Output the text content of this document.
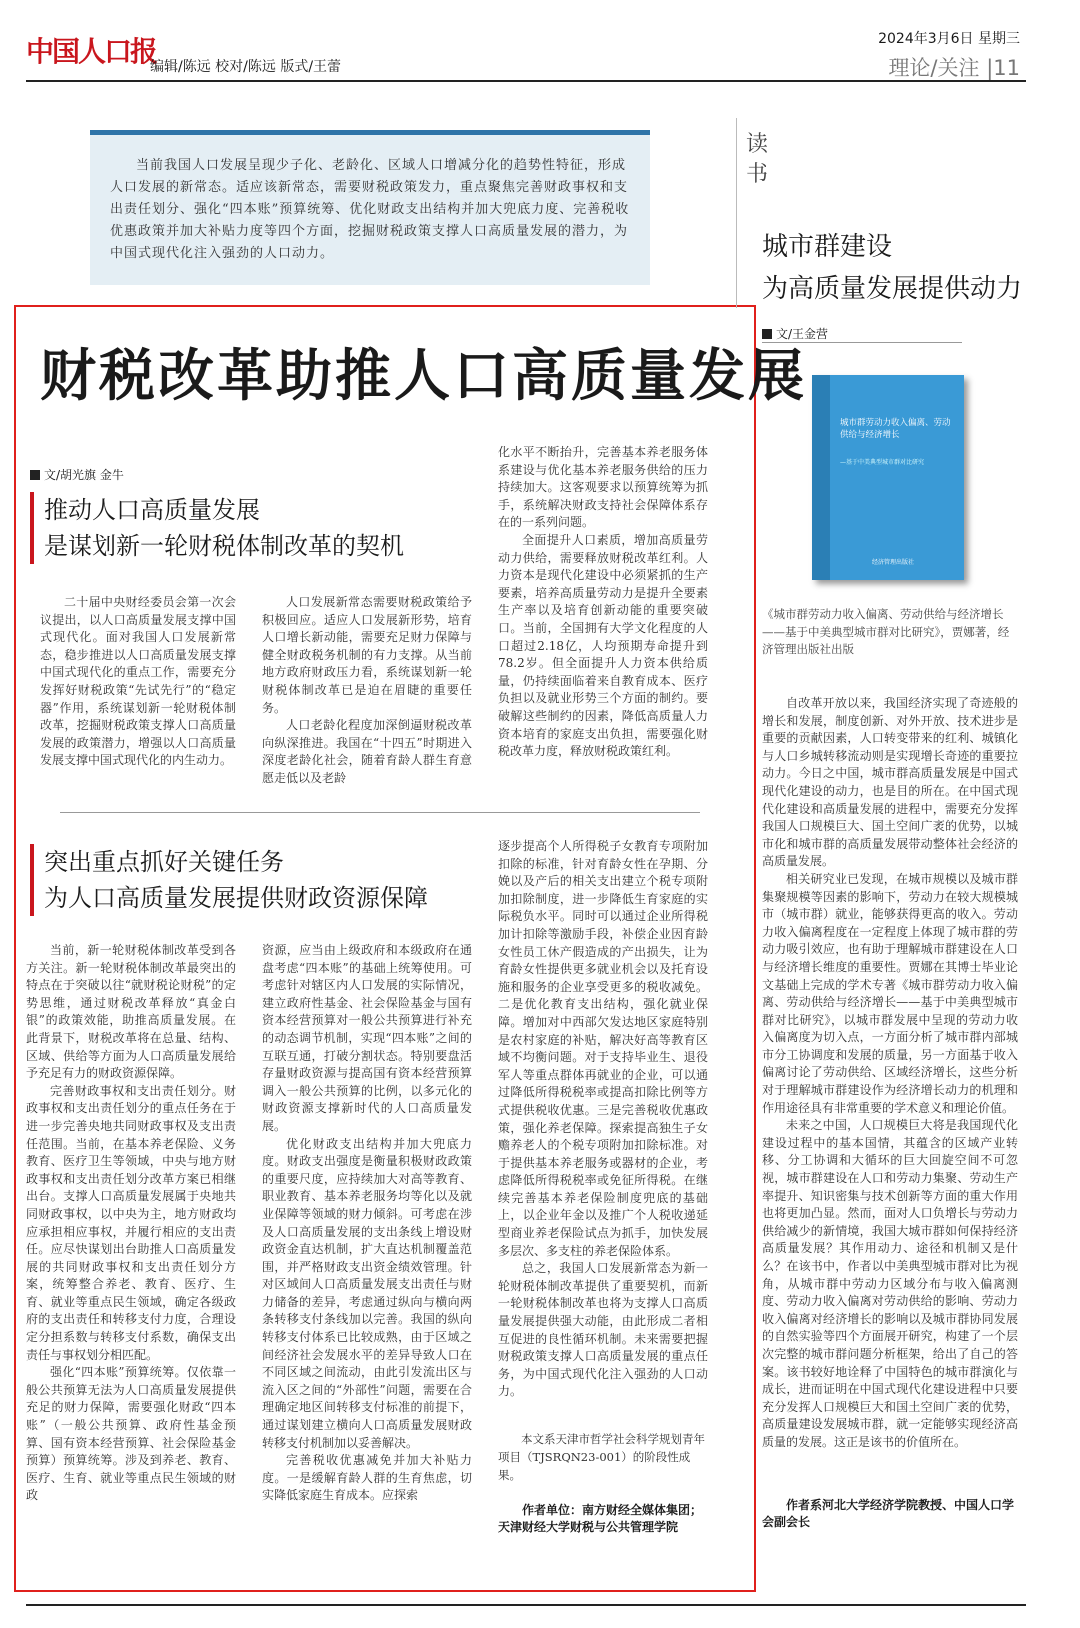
中国人口报
编辑/陈远 校对/陈远 版式/王蕾
2024年3月6日 星期三
理论/关注 |11
当前我国人口发展呈现少子化、老龄化、区域人口增减分化的趋势性特征，形成人口发展的新常态。适应该新常态，需要财税政策发力，重点聚焦完善财政事权和支出责任划分、强化“四本账”预算统筹、优化财政支出结构并加大兜底力度、完善税收优惠政策并加大补贴力度等四个方面，挖掘财税政策支撑人口高质量发展的潜力，为中国式现代化注入强劲的人口动力。
财税改革助推人口高质量发展
文/胡光旗 金牛
推动人口高质量发展
是谋划新一轮财税体制改革的契机

二十届中央财经委员会第一次会议提出，以人口高质量发展支撑中国式现代化。面对我国人口发展新常态，稳步推进以人口高质量发展支撑中国式现代化的重点工作，需要充分发挥好财税政策“先试先行”的“稳定器”作用，系统谋划新一轮财税体制改革，挖掘财税政策支撑人口高质量发展的政策潜力，增强以人口高质量发展支撑中国式现代化的内生动力。

人口发展新常态需要财税政策给予积极回应。适应人口发展新形势，培育人口增长新动能，需要充足财力保障与健全财政税务机制的有力支撑。从当前地方政府财政压力看，系统谋划新一轮财税体制改革已是迫在眉睫的重要任务。

人口老龄化程度加深倒逼财税改革向纵深推进。我国在“十四五”时期进入深度老龄化社会，随着育龄人群生育意愿走低以及老龄

化水平不断抬升，完善基本养老服务体系建设与优化基本养老服务供给的压力持续加大。这客观要求以预算统筹为抓手，系统解决财政支持社会保障体系存在的一系列问题。

全面提升人口素质，增加高质量劳动力供给，需要释放财税改革红利。人力资本是现代化建设中必须紧抓的生产要素，培养高质量劳动力是提升全要素生产率以及培育创新动能的重要突破口。当前，全国拥有大学文化程度的人口超过2.18亿，人均预期寿命提升到78.2岁。但全面提升人力资本供给质量，仍持续面临着来自教育成本、医疗负担以及就业形势三个方面的制约。要破解这些制约的因素，降低高质量人力资本培育的家庭支出负担，需要强化财税改革力度，释放财税政策红利。

突出重点抓好关键任务
为人口高质量发展提供财政资源保障

当前，新一轮财税体制改革受到各方关注。新一轮财税体制改革最突出的特点在于突破以往“就财税论财税”的定势思维，通过财税改革释放“真金白银”的政策效能，助推高质量发展。在此背景下，财税改革将在总量、结构、区域、供给等方面为人口高质量发展给予充足有力的财政资源保障。

完善财政事权和支出责任划分。财政事权和支出责任划分的重点任务在于进一步完善央地共同财政事权及支出责任范围。当前，在基本养老保险、义务教育、医疗卫生等领域，中央与地方财政事权和支出责任划分改革方案已相继出台。支撑人口高质量发展属于央地共同财政事权，以中央为主，地方财政均应承担相应事权，并履行相应的支出责任。应尽快谋划出台助推人口高质量发展的共同财政事权和支出责任划分方案，统筹整合养老、教育、医疗、生育、就业等重点民生领域，确定各级政府的支出责任和转移支付力度，合理设定分担系数与转移支付系数，确保支出责任与事权划分相匹配。

强化“四本账”预算统筹。仅依靠一般公共预算无法为人口高质量发展提供充足的财力保障，需要强化财政“四本账”（一般公共预算、政府性基金预算、国有资本经营预算、社会保险基金预算）预算统筹。涉及到养老、教育、医疗、生育、就业等重点民生领域的财政

资源，应当由上级政府和本级政府在通盘考虑“四本账”的基础上统筹使用。可考虑针对辖区内人口发展的实际情况，建立政府性基金、社会保险基金与国有资本经营预算对一般公共预算进行补充的动态调节机制，实现“四本账”之间的互联互通，打破分割状态。特别要盘活存量财政资源与提高国有资本经营预算调入一般公共预算的比例，以多元化的财政资源支撑新时代的人口高质量发展。

优化财政支出结构并加大兜底力度。财政支出强度是衡量积极财政政策的重要尺度，应持续加大对高等教育、职业教育、基本养老服务均等化以及就业保障等领域的财力倾斜。可考虑在涉及人口高质量发展的支出条线上增设财政资金直达机制，扩大直达机制覆盖范围，并严格财政支出资金绩效管理。针对区域间人口高质量发展支出责任与财力储备的差异，考虑通过纵向与横向两条转移支付条线加以完善。我国的纵向转移支付体系已比较成熟，由于区域之间经济社会发展水平的差异导致人口在不同区域之间流动，由此引发流出区与流入区之间的“外部性”问题，需要在合理确定地区间转移支付标准的前提下，通过谋划建立横向人口高质量发展财政转移支付机制加以妥善解决。

完善税收优惠减免并加大补贴力度。一是缓解育龄人群的生育焦虑，切实降低家庭生育成本。应探索

逐步提高个人所得税子女教育专项附加扣除的标准，针对育龄女性在孕期、分娩以及产后的相关支出建立个税专项附加扣除制度，进一步降低生育家庭的实际税负水平。同时可以通过企业所得税加计扣除等激励手段，补偿企业因育龄女性员工休产假造成的产出损失，让为育龄女性提供更多就业机会以及托育设施和服务的企业享受更多的税收减免。二是优化教育支出结构，强化就业保障。增加对中西部欠发达地区家庭特别是农村家庭的补贴，解决好高等教育区域不均衡问题。对于支持毕业生、退役军人等重点群体再就业的企业，可以通过降低所得税税率或提高扣除比例等方式提供税收优惠。三是完善税收优惠政策，强化养老保障。探索提高独生子女赡养老人的个税专项附加扣除标准。对于提供基本养老服务或器材的企业，考虑降低所得税税率或免征所得税。在继续完善基本养老保险制度兜底的基础上，以企业年金以及推广个人税收递延型商业养老保险试点为抓手，加快发展多层次、多支柱的养老保险体系。

总之，我国人口发展新常态为新一轮财税体制改革提供了重要契机，而新一轮财税体制改革也将为支撑人口高质量发展提供强大动能，由此形成二者相互促进的良性循环机制。未来需要把握财税政策支撑人口高质量发展的重点任务，为中国式现代化注入强劲的人口动力。

本文系天津市哲学社会科学规划青年项目（TJSRQN23-001）的阶段性成果。
作者单位：南方财经全媒体集团；天津财经大学财税与公共管理学院
读书
城市群建设
为高质量发展提供动力
文/王金营
城市群劳动力收入偏离、劳动供给与经济增长
—基于中美典型城市群对比研究
经济管理出版社
《城市群劳动力收入偏离、劳动供给与经济增长——基于中美典型城市群对比研究》，贾娜著，经济管理出版社出版

自改革开放以来，我国经济实现了奇迹般的增长和发展，制度创新、对外开放、技术进步是重要的贡献因素，人口转变带来的红利、城镇化与人口乡城转移流动则是实现增长奇迹的重要拉动力。今日之中国，城市群高质量发展是中国式现代化建设的动力，也是目的所在。在中国式现代化建设和高质量发展的进程中，需要充分发挥我国人口规模巨大、国土空间广袤的优势，以城市化和城市群的高质量发展带动整体社会经济的高质量发展。

相关研究业已发现，在城市规模以及城市群集聚规模等因素的影响下，劳动力在较大规模城市（城市群）就业，能够获得更高的收入。劳动力收入偏离程度在一定程度上体现了城市群的劳动力吸引效应，也有助于理解城市群建设在人口与经济增长维度的重要性。贾娜在其博士毕业论文基础上完成的学术专著《城市群劳动力收入偏离、劳动供给与经济增长——基于中美典型城市群对比研究》，以城市群发展中呈现的劳动力收入偏离度为切入点，一方面分析了城市群内部城市分工协调度和发展的质量，另一方面基于收入偏离讨论了劳动供给、区域经济增长，这些分析对于理解城市群建设作为经济增长动力的机理和作用途径具有非常重要的学术意义和理论价值。

未来之中国，人口规模巨大将是我国现代化建设过程中的基本国情，其蕴含的区域产业转移、分工协调和大循环的巨大回旋空间不可忽视，城市群建设在人口和劳动力集聚、劳动生产率提升、知识密集与技术创新等方面的重大作用也将更加凸显。然而，面对人口负增长与劳动力供给减少的新情境，我国大城市群如何保持经济高质量发展？其作用动力、途径和机制又是什么？在该书中，作者以中美典型城市群对比为视角，从城市群中劳动力区域分布与收入偏离测度、劳动力收入偏离对劳动供给的影响、劳动力收入偏离对经济增长的影响以及城市群协同发展的自然实验等四个方面展开研究，构建了一个层次完整的城市群问题分析框架，给出了自己的答案。该书较好地诠释了中国特色的城市群演化与成长，进而证明在中国式现代化建设进程中只要充分发挥人口规模巨大和国土空间广袤的优势，高质量建设发展城市群，就一定能够实现经济高质量的发展。这正是该书的价值所在。

作者系河北大学经济学院教授、中国人口学会副会长
